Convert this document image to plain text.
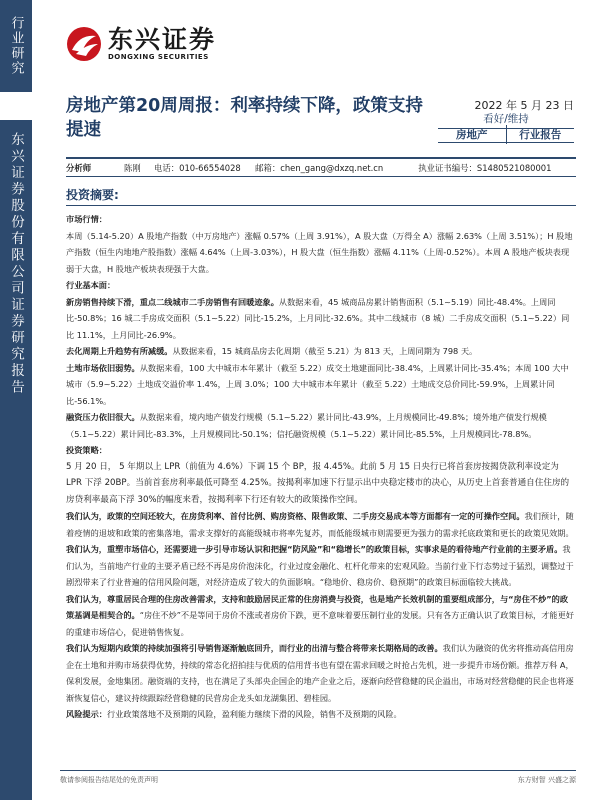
行业研究
东兴证券股份有限公司证券研究报告
东兴证券
DONGXING SECURITIES
房地产第20周周报：利率持续下降，政策支持提速
2022 年 5 月 23 日
看好/维持
房地产	行业报告
分析师	陈刚	电话： 010-66554028	邮箱： chen_gang@dxzq.net.cn	执业证书编号： S1480521080001
投资摘要:

市场行情：

本周（5.14-5.20）A 股地产指数（中万房地产）涨幅 0.57%（上周 3.91%），A 股大盘（万得全 A）涨幅 2.63%（上周 3.51%）；H 股地产指数（恒生内地地产股指数）涨幅 4.64%（上周-3.03%），H 股大盘（恒生指数）涨幅 4.11%（上周-0.52%）。本周 A 股地产板块表现弱于大盘，H 股地产板块表现强于大盘。

行业基本面：

新房销售持续下滑，重点二线城市二手房销售有回暖迹象。从数据来看，45 城商品房累计销售面积（5.1~5.19）同比-48.4%。上周同比-50.8%；16 城二手房成交面积（5.1~5.22）同比-15.2%，上月同比-32.6%。其中二线城市（8 城）二手房成交面积（5.1~5.22）同比 11.1%，上月同比-26.9%。

去化周期上升趋势有所减缓。从数据来看，15 城商品房去化周期（截至 5.21）为 813 天，上周同期为 798 天。

土地市场依旧弱势。从数据来看，100 大中城市本年累计（截至 5.22）成交土地建面同比-38.4%，上周累计同比-35.4%；本周 100 大中城市（5.9~5.22）土地成交溢价率 1.4%，上周 3.0%；100 大中城市本年累计（截至 5.22）土地成交总价同比-59.9%，上周累计同比-56.1%。

融资压力依旧很大。从数据来看，境内地产债发行规模（5.1~5.22）累计同比-43.9%，上月规模同比-49.8%；境外地产债发行规模（5.1~5.22）累计同比-83.3%，上月规模同比-50.1%；信托融资规模（5.1~5.22）累计同比-85.5%，上月规模同比-78.8%。

投资策略：

5 月 20 日， 5 年期以上 LPR（前值为 4.6%）下调 15 个 BP，报 4.45%。此前 5 月 15 日央行已将首套房按揭贷款利率设定为 LPR 下浮 20BP。当前首套房利率最低可降至 4.25%。按揭利率加速下行显示出中央稳定楼市的决心，从历史上首套普通自住住房的房贷利率最高下浮 30%的幅度来看，按揭利率下行还有较大的政策操作空间。

我们认为，政策的空间还较大，在房贷利率、首付比例、购房资格、限售政策、二手房交易成本等方面都有一定的可操作空间。我们预计，随着疫情的退坡和政策的密集落地，需求支撑好的高能级城市将率先复苏，而低能级城市则需要更为强力的需求托底政策和更长的政策见效期。

我们认为，重塑市场信心，还需要进一步引导市场认识和把握“防风险”和“稳增长”的政策目标，实事求是的看待地产行业前的主要矛盾。我们认为，当前地产行业的主要矛盾已经不再是房价泡沫化，行业过度金融化、杠杆化带来的宏观风险。当前行业下行态势过于猛烈，调整过于剧烈带来了行业普遍的信用风险问题，对经济造成了较大的负面影响。“稳地价、稳房价、稳预期”的政策目标面临较大挑战。

我们认为，尊重居民合理的住房改善需求，支持和鼓励居民正常的住房消费与投资，也是地产长效机制的重要组成部分，与“房住不炒”的政策基调是相契合的。“房住不炒”不是等同于房价不涨或者房价下跌，更不意味着要压制行业的发展。只有各方正确认识了政策目标，才能更好的重建市场信心，促进销售恢复。

我们认为短期内政策的持续加强将引导销售逐渐触底回升，而行业的出清与整合将带来长期格局的改善。我们认为融资的优劣将推动高信用房企在土地和并购市场获得优势，持续的常态化招拍挂与优质的信用背书也有望在需求回暖之时抢占先机，进一步提升市场份额。推荐万科 A，保利发展，金地集团。融资端的支持，也在满足了头部央企国企的地产企业之后，逐渐向经营稳健的民企溢出，市场对经营稳健的民企也将逐渐恢复信心，建议持续跟踪经营稳健的民营房企龙头如龙湖集团、碧桂园。

风险提示：行业政策落地不及预期的风险，盈利能力继续下滑的风险，销售不及预期的风险。

敬请参阅报告结尾处的免责声明	东方财智 兴盛之源
